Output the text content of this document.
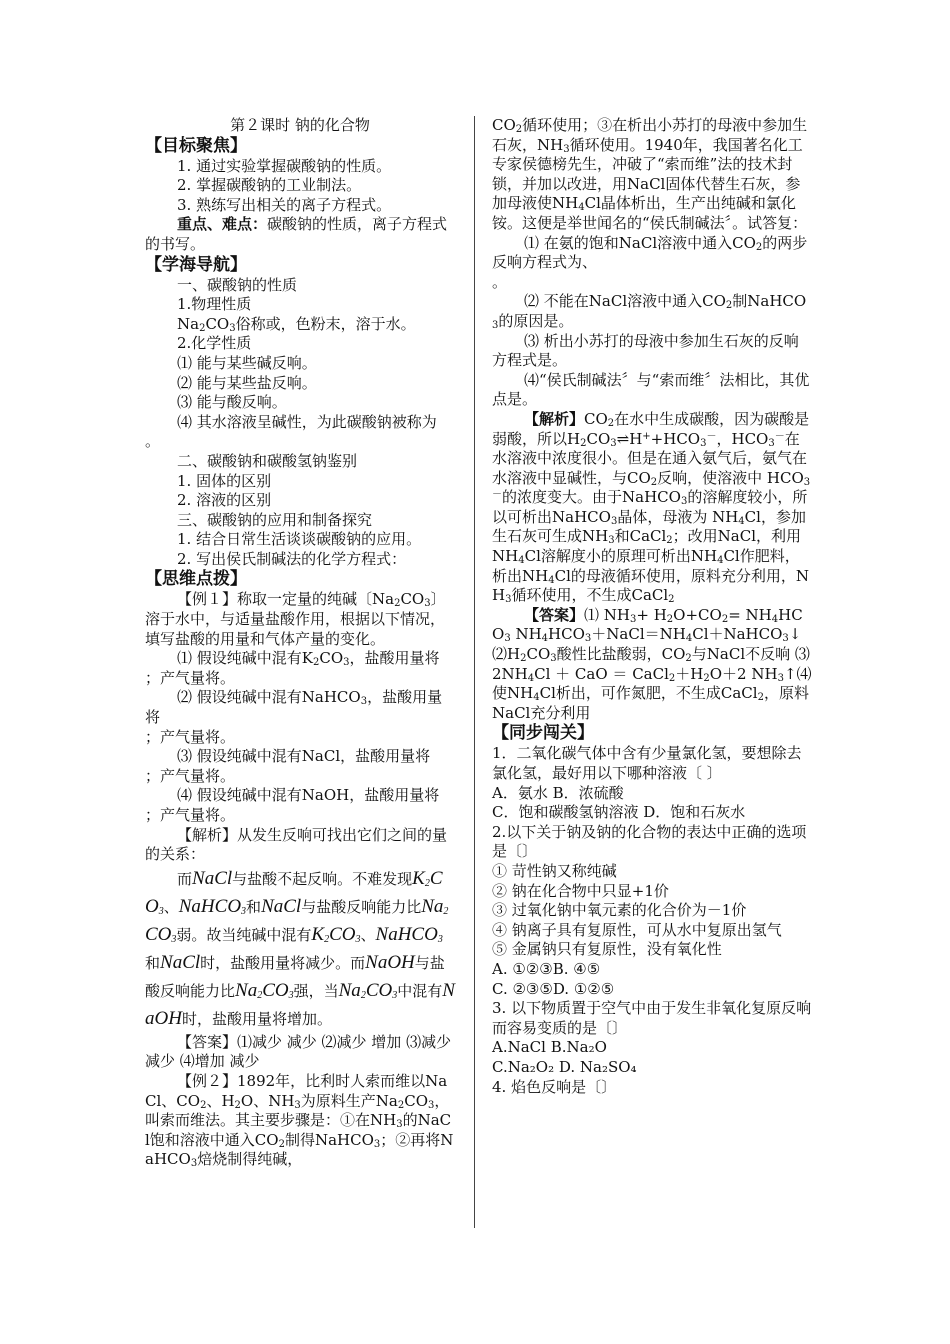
第２课时 钠的化合物

【目标聚焦】

1. 通过实验掌握碳酸钠的性质。

2. 掌握碳酸钠的工业制法。

3. 熟练写出相关的离子方程式。

重点、难点：碳酸钠的性质，离子方程式的书写。

【学海导航】

一、碳酸钠的性质

1.物理性质

$Na_2CO_3$俗称或，色粉末，溶于水。

2.化学性质

⑴ 能与某些碱反响。

⑵ 能与某些盐反响。

⑶ 能与酸反响。

⑷ 其水溶液呈碱性，为此碳酸钠被称为

。

二、碳酸钠和碳酸氢钠鉴别

1. 固体的区别

2. 溶液的区别

三、碳酸钠的应用和制备探究

1. 结合日常生活谈谈碳酸钠的应用。

2. 写出侯氏制碱法的化学方程式：

【思维点拨】

【例１】称取一定量的纯碱〔$Na_2CO_3$〕溶于水中，与适量盐酸作用，根据以下情况，填写盐酸的用量和气体产量的变化。

⑴ 假设纯碱中混有$K_2CO_3$，盐酸用量将

；产气量将。

⑵ 假设纯碱中混有NaHCO$_3$，盐酸用量将

；产气量将。

⑶ 假设纯碱中混有NaCl，盐酸用量将

；产气量将。

⑷ 假设纯碱中混有NaOH，盐酸用量将

；产气量将。

【解析】从发生反响可找出它们之间的量的关系：

而NaCl与盐酸不起反响。不难发现$K_2CO_3$、NaHCO$_3$和NaCl与盐酸反响能力比$Na_2CO_3$弱。故当纯碱中混有$K_2CO_3$、NaHCO$_3$和NaCl时，盐酸用量将减少。而NaOH与盐酸反响能力比$Na_2CO_3$强，当$Na_2CO_3$中混有NaOH时，盐酸用量将增加。

【答案】⑴减少 减少 ⑵减少 增加 ⑶减少 减少 ⑷增加 减少

【例２】1892年，比利时人索而维以NaCl、$CO_2$、$H_2O$、$NH_3$为原料生产$Na_2CO_3$，叫索而维法。其主要步骤是：①在$NH_3$的NaCl饱和溶液中通入$CO_2$制得NaHCO$_3$；②再将NaHCO$_3$焙烧制得纯碱，

$CO_2$循环使用；③在析出小苏打的母液中参加生石灰，$NH_3$循环使用。1940年，我国著名化工专家侯德榜先生，冲破了“索而维”法的技术封锁，并加以改进，用NaCl固体代替生石灰，参加母液使$NH_4Cl$晶体析出，生产出纯碱和氯化铵。这便是举世闻名的“侯氏制碱法〞。试答复：

⑴ 在氨的饱和NaCl溶液中通入$CO_2$的两步反响方程式为、

。

⑵ 不能在NaCl溶液中通入$CO_2$制NaHCO$_3$的原因是。

⑶ 析出小苏打的母液中参加生石灰的反响方程式是。

⑷“侯氏制碱法〞与“索而维〞法相比，其优点是。

【解析】$CO_2$在水中生成碳酸，因为碳酸是弱酸，所以$H_2CO_3\rightleftharpoons H^++HCO_3^-$，$HCO_3^-$在水溶液中浓度很小。但是在通入氨气后，氨气在水溶液中显碱性，与$CO_2$反响，使溶液中 $HCO_3^-$的浓度变大。由于NaHCO$_3$的溶解度较小，所以可析出NaHCO$_3$晶体，母液为 $NH_4Cl$，参加生石灰可生成$NH_3$和CaCl$_2$；改用NaCl，利用$NH_4Cl$溶解度小的原理可析出$NH_4Cl$作肥料，析出$NH_4Cl$的母液循环使用，原料充分利用，$NH_3$循环使用，不生成CaCl$_2$

【答案】⑴ $NH_3+ H_2O+CO_2= NH_4HCO_3$ $NH_4HCO_3+NaCl=NH_4Cl+NaHCO_3↓$ $⑵H_2CO_3$酸性比盐酸弱，$CO_2$与NaCl不反响 ⑶ $2NH_4Cl$ ＋ CaO ＝ $CaCl_2+H_2O+2$ $NH_3↑⑷$ 使$NH_4Cl$析出，可作氮肥，不生成CaCl$_2$，原料NaCl充分利用

【同步闯关】

1．二氧化碳气体中含有少量氯化氢，要想除去氯化氢，最好用以下哪种溶液〔 〕

A．氨水 B．浓硫酸

C．饱和碳酸氢钠溶液 D．饱和石灰水

2.以下关于钠及钠的化合物的表达中正确的选项是〔〕

① 苛性钠又称纯碱

② 钠在化合物中只显+1价

③ 过氧化钠中氧元素的化合价为－1价

④ 钠离子具有复原性，可从水中复原出氢气

⑤ 金属钠只有复原性，没有氧化性

A. ①②③B. ④⑤

C. ②③⑤D. ①②⑤

3. 以下物质置于空气中由于发生非氧化复原反响而容易变质的是〔〕

A.NaCl B.Na₂O

C.Na₂O₂ D. Na₂SO₄

4. 焰色反响是〔〕
